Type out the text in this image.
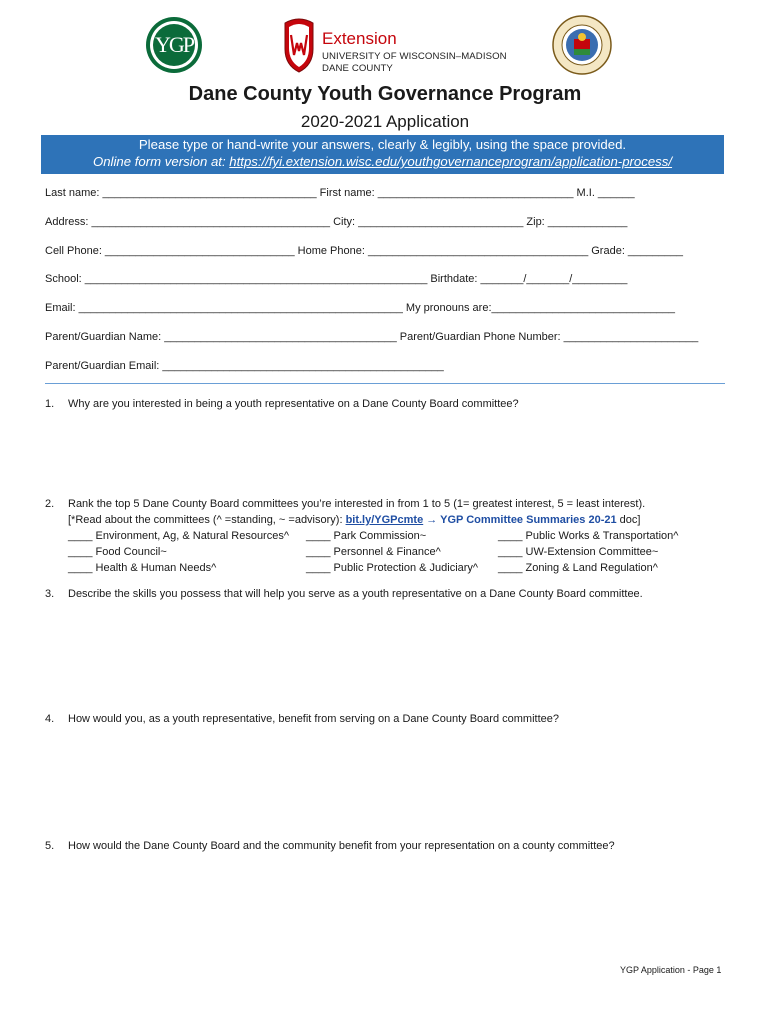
YGP	Extension
UNIVERSITY OF WISCONSIN–MADISON
DANE COUNTY
Dane County Youth Governance Program
2020-2021 Application
Please type or hand-write your answers, clearly & legibly, using the space provided.
Online form version at: https://fyi.extension.wisc.edu/youthgovernanceprogram/application-process/
Last name: ___________________________________ First name: ________________________________ M.I. ______
Address: _______________________________________ City: ___________________________ Zip: _____________
Cell Phone: _______________________________ Home Phone: ____________________________________ Grade: _________
School: ________________________________________________________ Birthdate: _______/_______/_________
Email: _____________________________________________________ My pronouns are:______________________________
Parent/Guardian Name: ______________________________________ Parent/Guardian Phone Number: ______________________
Parent/Guardian Email: ______________________________________________
1. Why are you interested in being a youth representative on a Dane County Board committee?
2. Rank the top 5 Dane County Board committees you’re interested in from 1 to 5 (1= greatest interest, 5 = least interest).
[*Read about the committees (^ =standing, ~ =advisory): bit.ly/YGPcmte → YGP Committee Summaries 20-21 doc]
____ Environment, Ag, & Natural Resources^ ____ Park Commission~	____ Public Works & Transportation^
____ Food Council~	____ Personnel & Finance^	____ UW-Extension Committee~
____ Health & Human Needs^	____ Public Protection & Judiciary^ ____ Zoning & Land Regulation^
3. Describe the skills you possess that will help you serve as a youth representative on a Dane County Board committee.
4. How would you, as a youth representative, benefit from serving on a Dane County Board committee?
5. How would the Dane County Board and the community benefit from your representation on a county committee?
YGP Application - Page 1
